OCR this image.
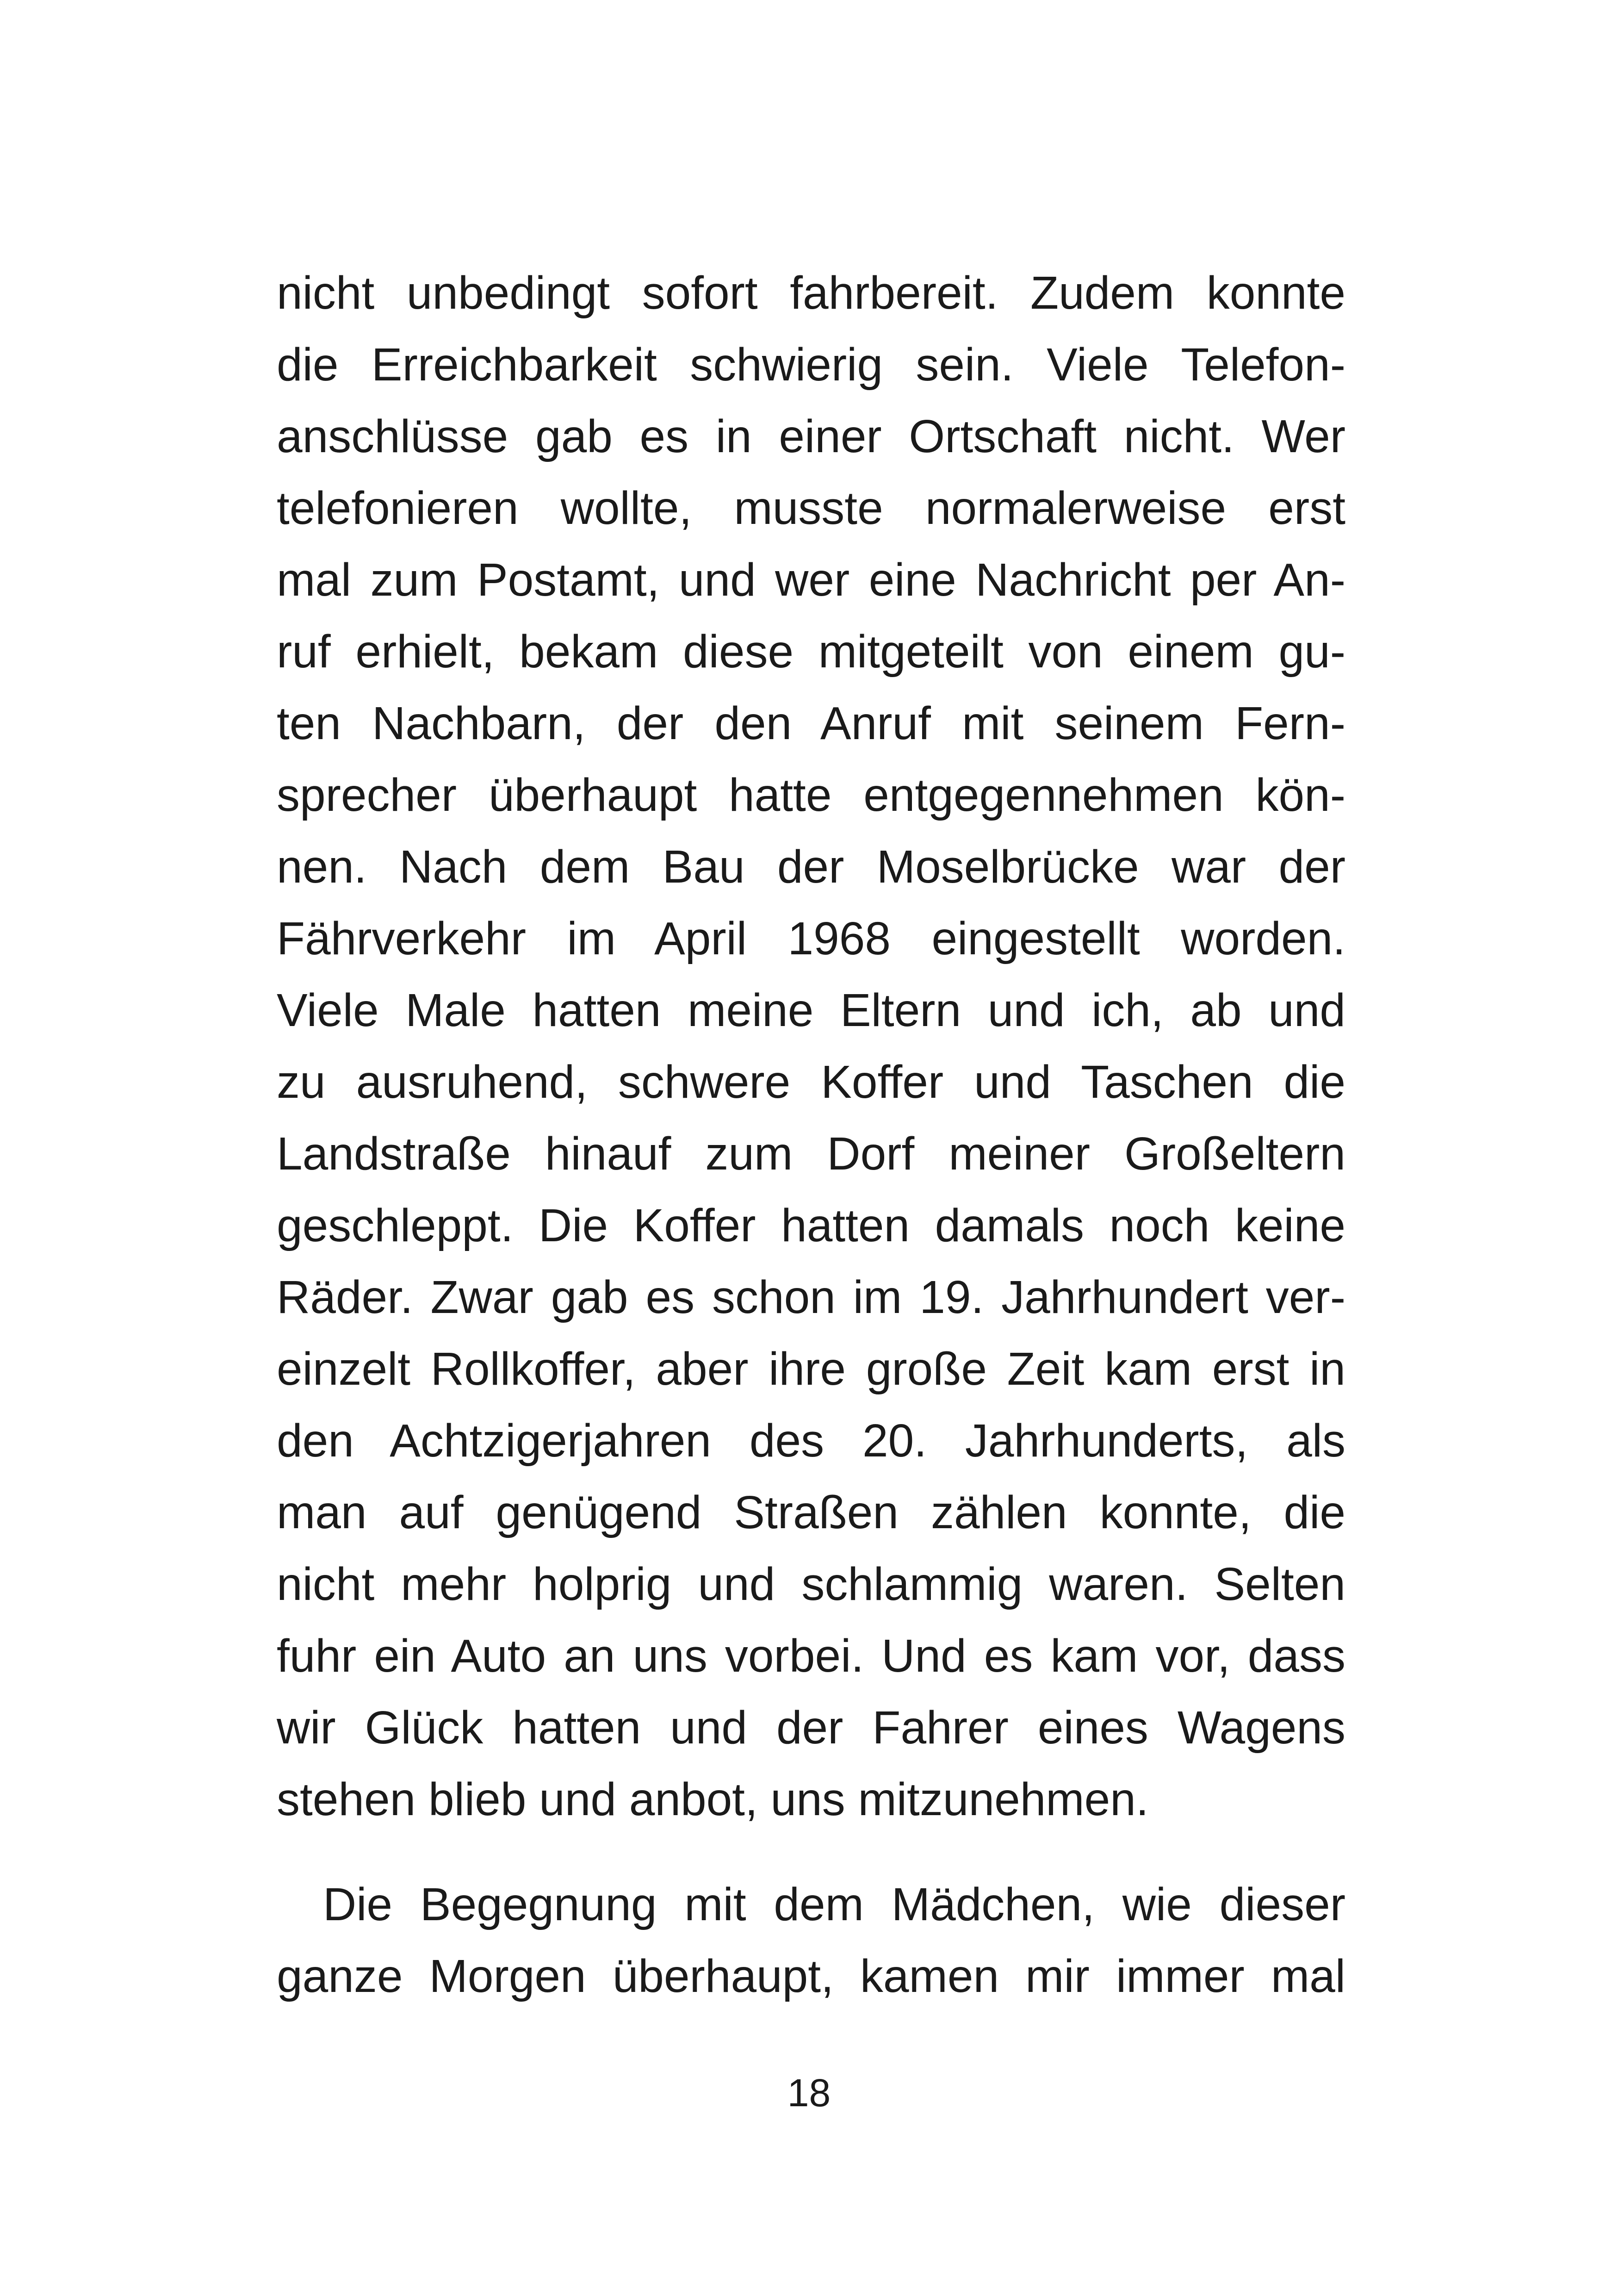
nicht unbedingt sofort fahrbereit. Zudem konnte
die Erreichbarkeit schwierig sein. Viele Telefon-
anschlüsse gab es in einer Ortschaft nicht. Wer
telefonieren wollte, musste normalerweise erst
mal zum Postamt, und wer eine Nachricht per An-
ruf erhielt, bekam diese mitgeteilt von einem gu-
ten Nachbarn, der den Anruf mit seinem Fern-
sprecher überhaupt hatte entgegennehmen kön-
nen. Nach dem Bau der Moselbrücke war der
Fährverkehr im April 1968 eingestellt worden.
Viele Male hatten meine Eltern und ich, ab und
zu ausruhend, schwere Koffer und Taschen die
Landstraße hinauf zum Dorf meiner Großeltern
geschleppt. Die Koffer hatten damals noch keine
Räder. Zwar gab es schon im 19. Jahrhundert ver-
einzelt Rollkoffer, aber ihre große Zeit kam erst in
den Achtzigerjahren des 20. Jahrhunderts, als
man auf genügend Straßen zählen konnte, die
nicht mehr holprig und schlammig waren. Selten
fuhr ein Auto an uns vorbei. Und es kam vor, dass
wir Glück hatten und der Fahrer eines Wagens
stehen blieb und anbot, uns mitzunehmen.
Die Begegnung mit dem Mädchen, wie dieser
ganze Morgen überhaupt, kamen mir immer mal
18
